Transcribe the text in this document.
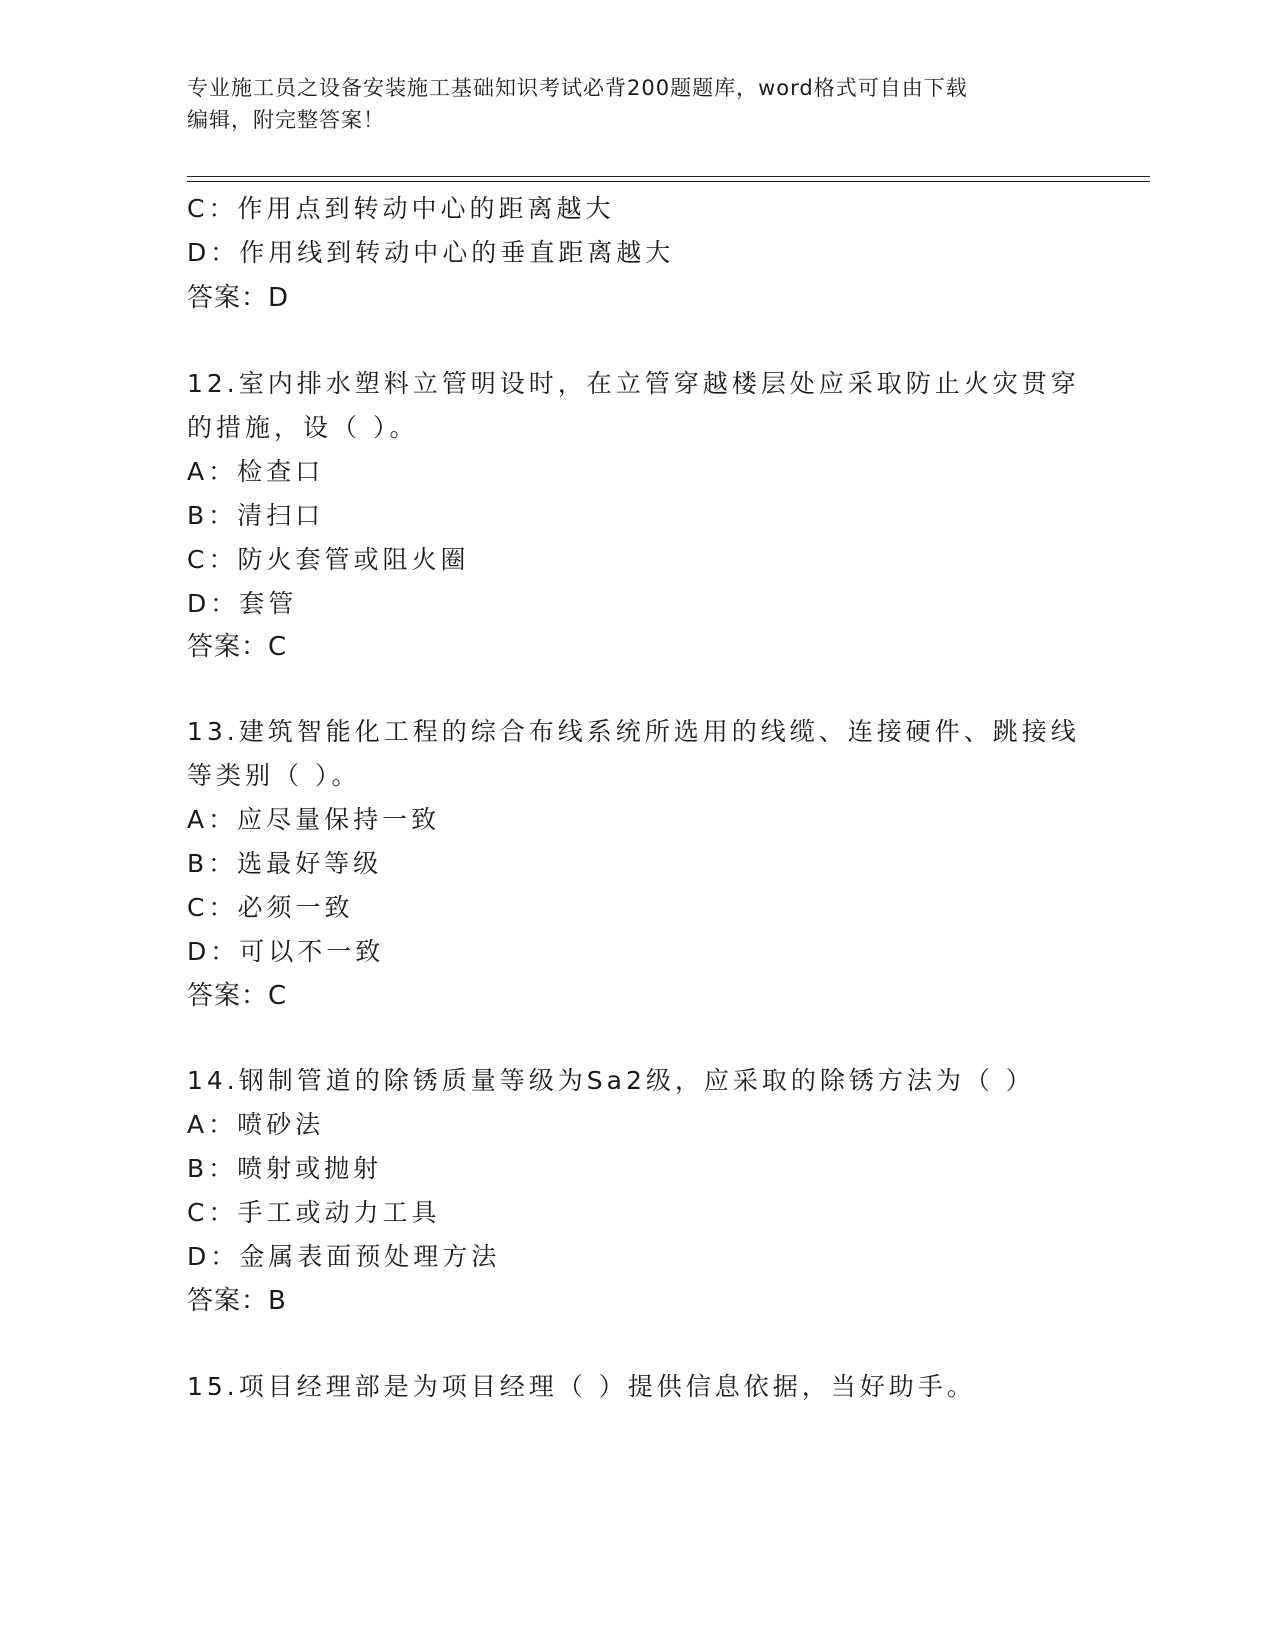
专业施工员之设备安装施工基础知识考试必背200题题库，word格式可自由下载
编辑，附完整答案！
C：作用点到转动中心的距离越大
D：作用线到转动中心的垂直距离越大
答案：D
12.室内排水塑料立管明设时，在立管穿越楼层处应采取防止火灾贯穿
的措施，设（ ）。
A：检查口
B：清扫口
C：防火套管或阻火圈
D：套管
答案：C
13.建筑智能化工程的综合布线系统所选用的线缆、连接硬件、跳接线
等类别（ ）。
A：应尽量保持一致
B：选最好等级
C：必须一致
D：可以不一致
答案：C
14.钢制管道的除锈质量等级为Sa2级，应采取的除锈方法为（ ）
A：喷砂法
B：喷射或抛射
C：手工或动力工具
D：金属表面预处理方法
答案：B
15.项目经理部是为项目经理（ ）提供信息依据，当好助手。
